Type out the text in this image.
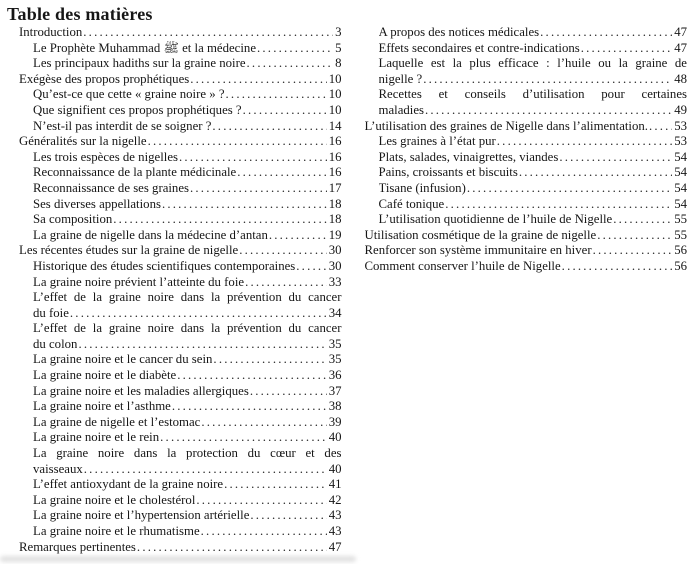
Table des matières
Introduction .....	3
Le Prophète Muhammad ﷺ et la médecine .....	5
Les principaux hadiths sur la graine noire .....	8
Exégèse des propos prophétiques .....	10
Qu’est-ce que cette « graine noire » ? .....	10
Que signifient ces propos prophétiques ? .....	10
N’est-il pas interdit de se soigner ? .....	14
Généralités sur la nigelle .....	16
Les trois espèces de nigelles .....	16
Reconnaissance de la plante médicinale .....	16
Reconnaissance de ses graines .....	17
Ses diverses appellations .....	18
Sa composition .....	18
La graine de nigelle dans la médecine d’antan .....	19
Les récentes études sur la graine de nigelle .....	30
Historique des études scientifiques contemporaines .....	30
La graine noire prévient l’atteinte du foie .....	33
L’effet de la graine noire dans la prévention du cancer
du foie .....	34
L’effet de la graine noire dans la prévention du cancer
du colon .....	35
La graine noire et le cancer du sein .....	35
La graine noire et le diabète .....	36
La graine noire et les maladies allergiques .....	37
La graine noire et l’asthme .....	38
La graine de nigelle et l’estomac .....	39
La graine noire et le rein .....	40
La graine noire dans la protection du cœur et des
vaisseaux .....	40
L’effet antioxydant de la graine noire .....	41
La graine noire et le cholestérol .....	42
La graine noire et l’hypertension artérielle .....	43
La graine noire et le rhumatisme .....	43
Remarques pertinentes .....	47
A propos des notices médicales .....	47
Effets secondaires et contre-indications .....	47
Laquelle est la plus efficace : l’huile ou la graine de
nigelle ? .....	48
Recettes et conseils d’utilisation pour certaines
maladies .....	49
L’utilisation des graines de Nigelle dans l’alimentation. ..... 53
Les graines à l’état pur .....	53
Plats, salades, vinaigrettes, viandes .....	54
Pains, croissants et biscuits .....	54
Tisane (infusion) .....	54
Café tonique .....	54
L’utilisation quotidienne de l’huile de Nigelle .....	55
Utilisation cosmétique de la graine de nigelle .....	55
Renforcer son système immunitaire en hiver .....	56
Comment conserver l’huile de Nigelle .....	56
